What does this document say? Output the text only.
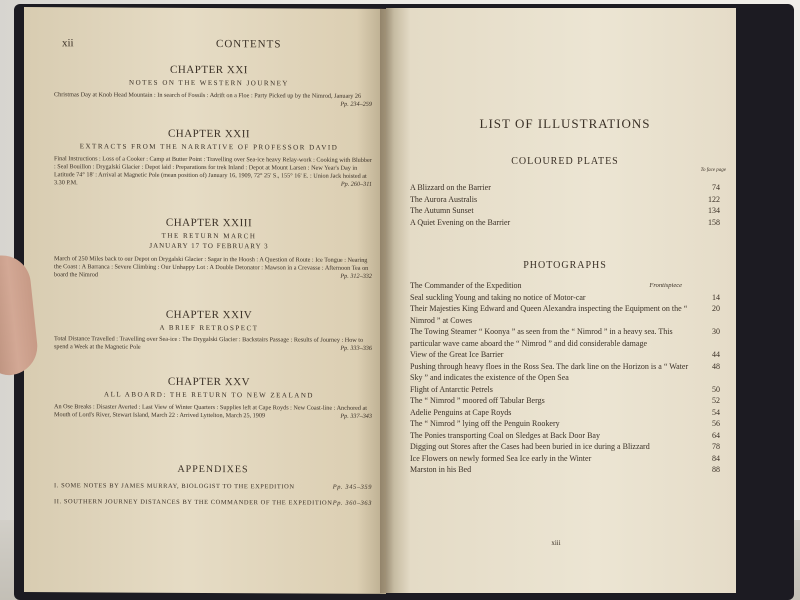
xii	CONTENTS
CHAPTER XXI
NOTES ON THE WESTERN JOURNEY
Christmas Day at Knob Head Mountain : In search of Fossils : Adrift on a Floe : Party Picked up by the Nimrod, January 26
Pp. 234–259
CHAPTER XXII
EXTRACTS FROM THE NARRATIVE OF PROFESSOR DAVID
Final Instructions : Loss of a Cooker : Camp at Butter Point : Travelling over Sea-ice heavy Relay-work : Cooking with Blubber : Seal Bouillon : Drygalski Glacier : Depot laid : Preparations for trek Inland : Depot at Mount Larsen : New Year's Day in Latitude 74° 18' : Arrival at Magnetic Pole (mean position of) January 16, 1909, 72° 25' S., 155° 16' E. : Union Jack hoisted at 3.30 P.M.	Pp. 260–311
CHAPTER XXIII
THE RETURN MARCH
JANUARY 17 TO FEBRUARY 3
March of 250 Miles back to our Depot on Drygalski Glacier : Sagar in the Hoosh : A Question of Route : Ice Tongue : Nearing the Coast : A Barranca : Severe Climbing : Our Unhappy Lot : A Double Detonator : Mawson in a Crevasse : Afternoon Tea on board the Nimrod	Pp. 312–332
CHAPTER XXIV
A BRIEF RETROSPECT
Total Distance Travelled : Travelling over Sea-ice : The Drygalski Glacier : Backstairs Passage : Results of Journey : How to spend a Week at the Magnetic Pole	Pp. 333–336
CHAPTER XXV
ALL ABOARD: THE RETURN TO NEW ZEALAND
An Ose Breaks : Disaster Averted : Last View of Winter Quarters : Supplies left at Cape Royds : New Coast-line : Anchored at Mouth of Lord's River, Stewart Island, March 22 : Arrived Lyttelton, March 25, 1909	Pp. 337–343
APPENDIXES
I. SOME NOTES BY JAMES MURRAY, BIOLOGIST TO THE EXPEDITION	Pp. 345–359
II. SOUTHERN JOURNEY DISTANCES BY THE COMMANDER OF THE EXPEDITION Pp. 360–363
LIST OF ILLUSTRATIONS
COLOURED PLATES
To face page
A Blizzard on the Barrier	74
The Aurora Australis	122
The Autumn Sunset	134
A Quiet Evening on the Barrier	158
PHOTOGRAPHS
The Commander of the Expedition	Frontispiece
Seal suckling Young and taking no notice of Motor-car	14
Their Majesties King Edward and Queen Alexandra inspecting the Equipment on the “ Nimrod ” at Cowes
20
The Towing Steamer “ Koonya ” as seen from the “ Nimrod ” in a heavy sea. This particular wave came aboard the “ Nimrod ” and did considerable damage
30
View of the Great Ice Barrier	44
Pushing through heavy floes in the Ross Sea. The dark line on the Horizon is a “ Water Sky ” and indicates the existence of the Open Sea
48
Flight of Antarctic Petrels	50
The “ Nimrod ” moored off Tabular Bergs	52
Adelie Penguins at Cape Royds	54
The “ Nimrod ” lying off the Penguin Rookery	56
The Ponies transporting Coal on Sledges at Back Door Bay	64
Digging out Stores after the Cases had been buried in ice during a Blizzard	78
Ice Flowers on newly formed Sea Ice early in the Winter	84
Marston in his Bed	88
xiii
